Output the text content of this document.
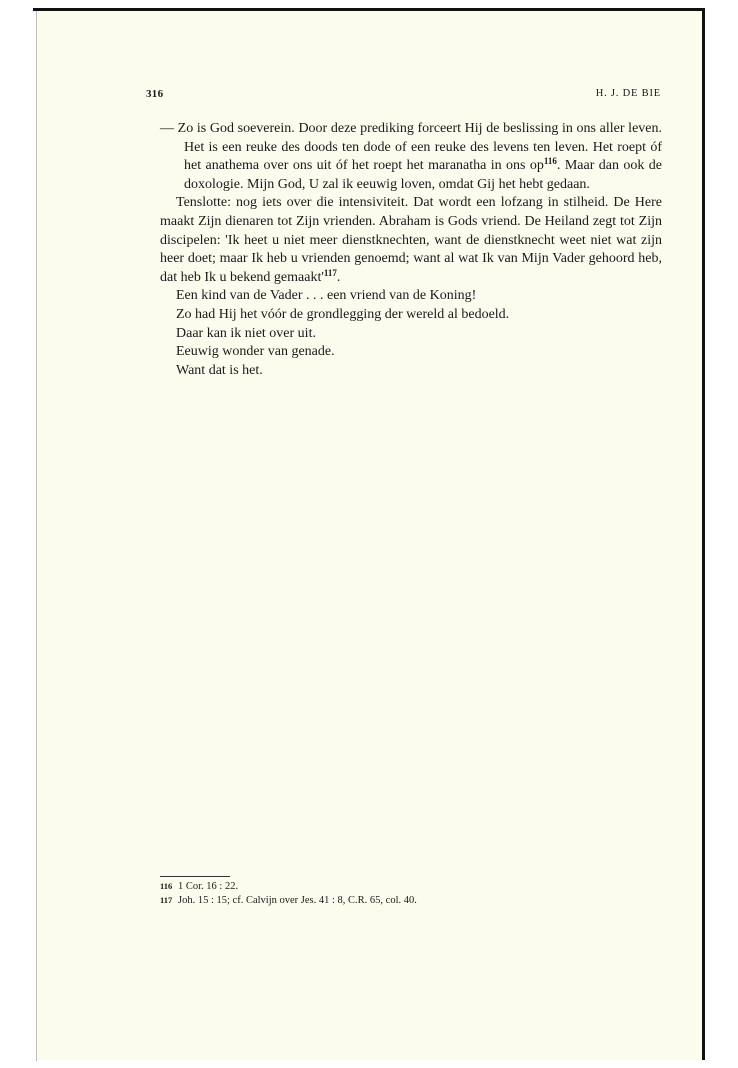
316	H. J. DE BIE

— Zo is God soeverein. Door deze prediking forceert Hij de beslissing in ons aller leven. Het is een reuke des doods ten dode of een reuke des levens ten leven. Het roept óf het anathema over ons uit óf het roept het maranatha in ons $op^{116}$. Maar dan ook de doxologie. Mijn God, U zal ik eeuwig loven, omdat Gij het hebt gedaan.

Tenslotte: nog iets over die intensiviteit. Dat wordt een lofzang in stilheid. De Here maakt Zijn dienaren tot Zijn vrienden. Abraham is Gods vriend. De Heiland zegt tot Zijn discipelen: 'Ik heet u niet meer dienstknechten, want de dienstknecht weet niet wat zijn heer doet; maar Ik heb u vrienden genoemd; want al wat Ik van Mijn Vader gehoord heb, dat heb Ik u bekend $gemaakt'^{117}$.

Een kind van de Vader . . . een vriend van de Koning!

Zo had Hij het vóór de grondlegging der wereld al bedoeld.

Daar kan ik niet over uit.

Eeuwig wonder van genade.

Want dat is het.

116 1 Cor. 16 : 22.
117 Joh. 15 : 15; cf. Calvijn over Jes. 41 : 8, C.R. 65, col. 40.
